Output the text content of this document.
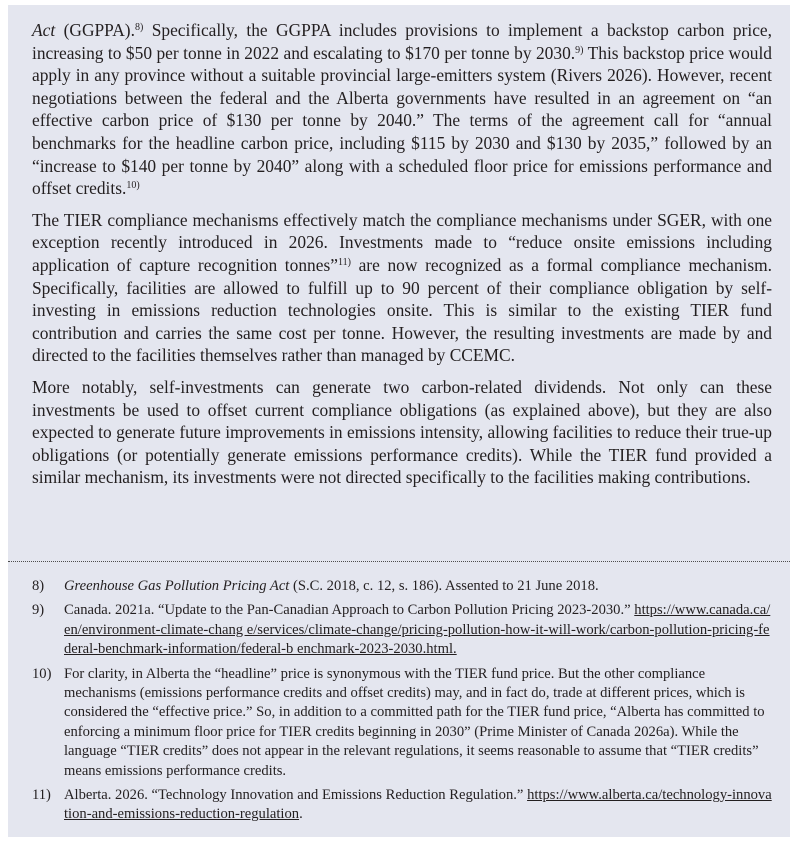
Act (GGPPA).$^{8)}$ Specifically, the GGPPA includes provisions to implement a backstop carbon price, increasing to $50 per tonne in 2022 and escalating to $170 per tonne by 2030.$^{9)}$ This backstop price would apply in any province without a suitable provincial large-emitters system (Rivers 2026). However, recent negotiations between the federal and the Alberta governments have resulted in an agreement on “an effective carbon price of $130 per tonne by 2040.” The terms of the agreement call for “annual benchmarks for the headline carbon price, including $115 by 2030 and $130 by 2035,” followed by an “increase to $140 per tonne by 2040” along with a scheduled floor price for emissions performance and offset credits.$^{10)}$

The TIER compliance mechanisms effectively match the compliance mechanisms under SGER, with one exception recently introduced in 2026. Investments made to “reduce onsite emissions including application of capture recognition tonnes”$^{11)}$ are now recognized as a formal compliance mechanism. Specifically, facilities are allowed to fulfill up to 90 percent of their compliance obligation by self-investing in emissions reduction technologies onsite. This is similar to the existing TIER fund contribution and carries the same cost per tonne. However, the resulting investments are made by and directed to the facilities themselves rather than managed by CCEMC.

More notably, self-investments can generate two carbon-related dividends. Not only can these investments be used to offset current compliance obligations (as explained above), but they are also expected to generate future improvements in emissions intensity, allowing facilities to reduce their true-up obligations (or potentially generate emissions performance credits). While the TIER fund provided a similar mechanism, its investments were not directed specifically to the facilities making contributions.

8)	Greenhouse Gas Pollution Pricing Act (S.C. 2018, c. 12, s. 186). Assented to 21 June 2018.
9)	Canada. 2021a. “Update to the Pan-Canadian Approach to Carbon Pollution Pricing 2023-2030.” https://www.canada.ca/en/environment-climate-chang e/services/climate-change/pricing-pollution-how-it-will-work/carbon-pollution-pricing-federal-benchmark-information/federal-b enchmark-2023-2030.html.
10) For clarity, in Alberta the “headline” price is synonymous with the TIER fund price. But the other compliance mechanisms (emissions performance credits and offset credits) may, and in fact do, trade at different prices, which is considered the “effective price.” So, in addition to a committed path for the TIER fund price, “Alberta has committed to enforcing a minimum floor price for TIER credits beginning in 2030” (Prime Minister of Canada 2026a). While the language “TIER credits” does not appear in the relevant regulations, it seems reasonable to assume that “TIER credits” means emissions performance credits.
11) Alberta. 2026. “Technology Innovation and Emissions Reduction Regulation.” https://www.alberta.ca/technology-innovation-and-emissions-reduction-regulation.
